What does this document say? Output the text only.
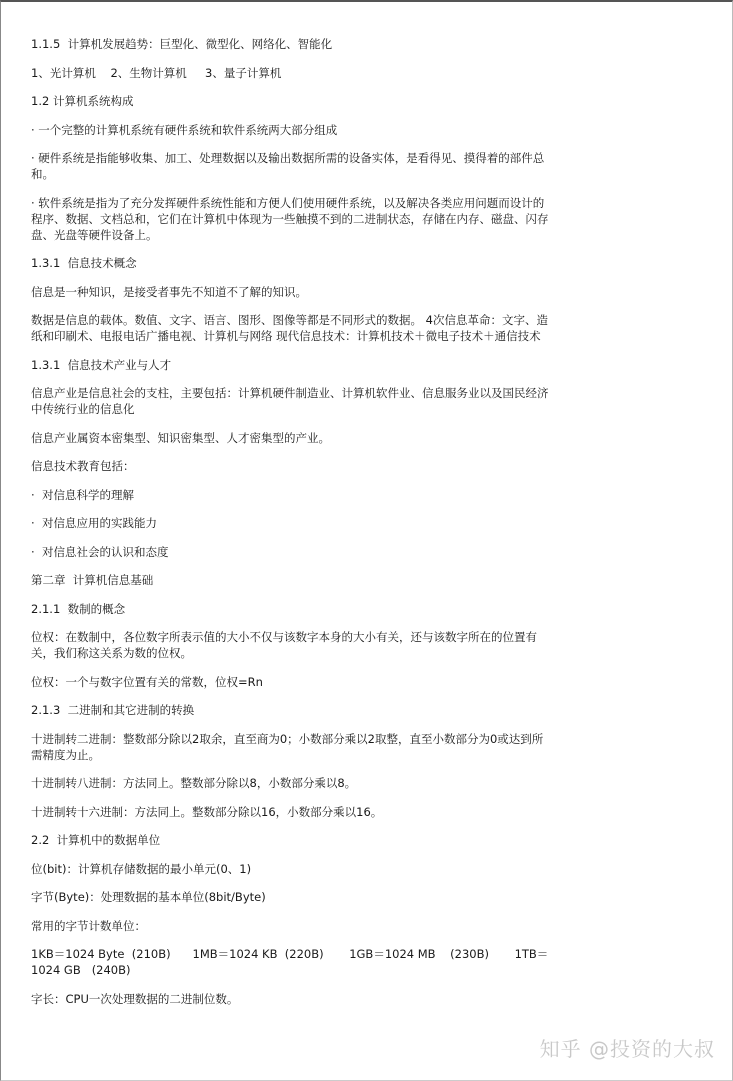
1.1.5  计算机发展趋势：巨型化、微型化、网络化、智能化

1、光计算机    2、生物计算机     3、量子计算机

1.2 计算机系统构成

· 一个完整的计算机系统有硬件系统和软件系统两大部分组成

· 硬件系统是指能够收集、加工、处理数据以及输出数据所需的设备实体，是看得见、摸得着的部件总和。

· 软件系统是指为了充分发挥硬件系统性能和方便人们使用硬件系统，以及解决各类应用问题而设计的程序、数据、文档总和，它们在计算机中体现为一些触摸不到的二进制状态，存储在内存、磁盘、闪存盘、光盘等硬件设备上。

1.3.1  信息技术概念

信息是一种知识，是接受者事先不知道不了解的知识。

数据是信息的载体。数值、文字、语言、图形、图像等都是不同形式的数据。 4次信息革命：文字、造纸和印刷术、电报电话广播电视、计算机与网络 现代信息技术：计算机技术＋微电子技术＋通信技术

1.3.1  信息技术产业与人才

信息产业是信息社会的支柱，主要包括：计算机硬件制造业、计算机软件业、信息服务业以及国民经济中传统行业的信息化

信息产业属资本密集型、知识密集型、人才密集型的产业。

信息技术教育包括：

·  对信息科学的理解

·  对信息应用的实践能力

·  对信息社会的认识和态度

第二章  计算机信息基础

2.1.1  数制的概念

位权：在数制中，各位数字所表示值的大小不仅与该数字本身的大小有关，还与该数字所在的位置有关，我们称这关系为数的位权。

位权：一个与数字位置有关的常数，位权=Rn

2.1.3  二进制和其它进制的转换

十进制转二进制：整数部分除以2取余，直至商为0；小数部分乘以2取整，直至小数部分为0或达到所需精度为止。

十进制转八进制：方法同上。整数部分除以8，小数部分乘以8。

十进制转十六进制：方法同上。整数部分除以16，小数部分乘以16。

2.2  计算机中的数据单位

位(bit)：计算机存储数据的最小单元(0、1)

字节(Byte)：处理数据的基本单位(8bit/Byte)

常用的字节计数单位：

1KB＝1024 Byte  (210B)      1MB＝1024 KB  (220B)       1GB＝1024 MB    (230B)       1TB＝1024 GB   (240B)

字长：CPU一次处理数据的二进制位数。

知乎 @投资的大叔
